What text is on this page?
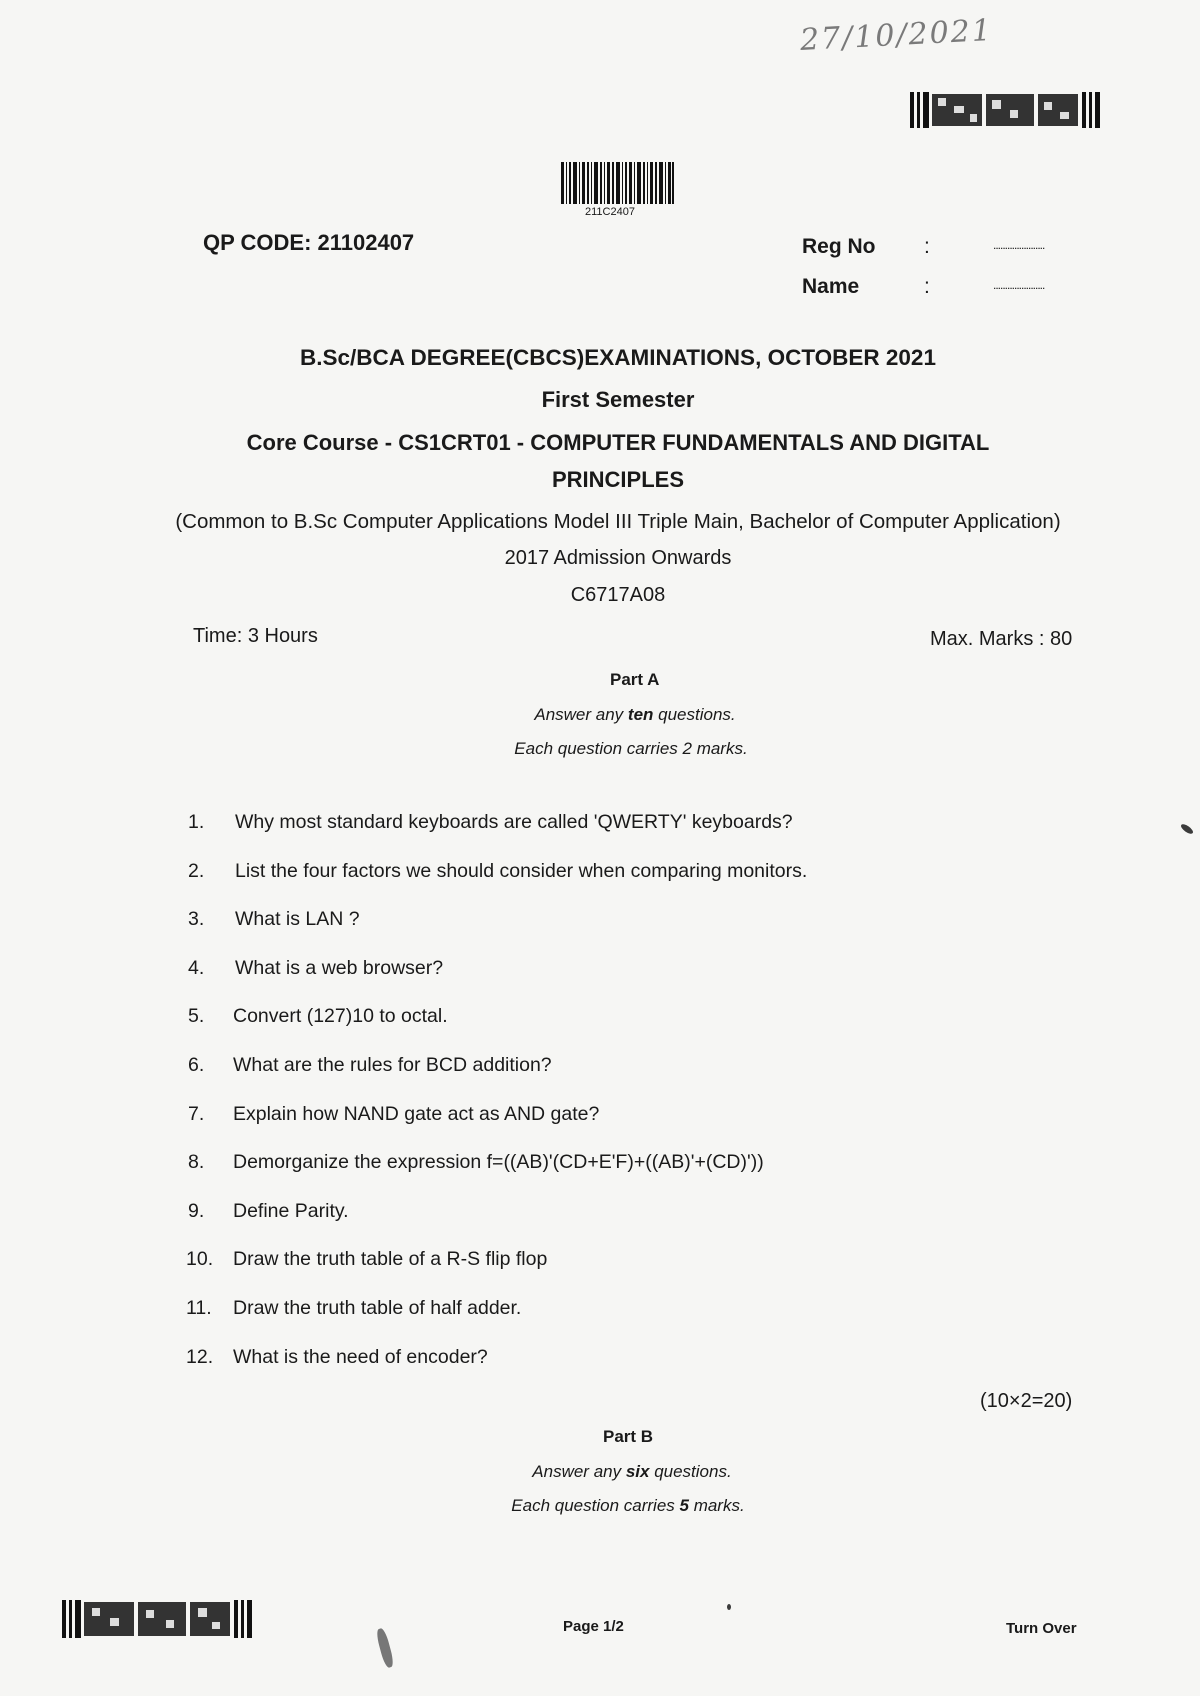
27/10/2021
211C2407
QP CODE: 21102407	Reg No :	......................
Name	:	......................
B.Sc/BCA DEGREE(CBCS)EXAMINATIONS, OCTOBER 2021
First Semester
Core Course - CS1CRT01 - COMPUTER FUNDAMENTALS AND DIGITAL
PRINCIPLES
(Common to B.Sc Computer Applications Model III Triple Main, Bachelor of Computer Application)
2017 Admission Onwards
C6717A08
Time: 3 Hours	Max. Marks : 80
Part A
Answer any ten questions.
Each question carries 2 marks.
1.	Why most standard keyboards are called 'QWERTY' keyboards?
2.	List the four factors we should consider when comparing monitors.
3.	What is LAN ?
4.	What is a web browser?
5.	Convert (127)10 to octal.
6.	What are the rules for BCD addition?
7.	Explain how NAND gate act as AND gate?
8.	Demorganize the expression f=((AB)'(CD+E'F)+((AB)'+(CD)'))
9.	Define Parity.
10.	Draw the truth table of a R-S flip flop
11.	Draw the truth table of half adder.
12.	What is the need of encoder?
(10×2=20)
Part B
Answer any six questions.
Each question carries 5 marks.
Page 1/2	Turn Over
